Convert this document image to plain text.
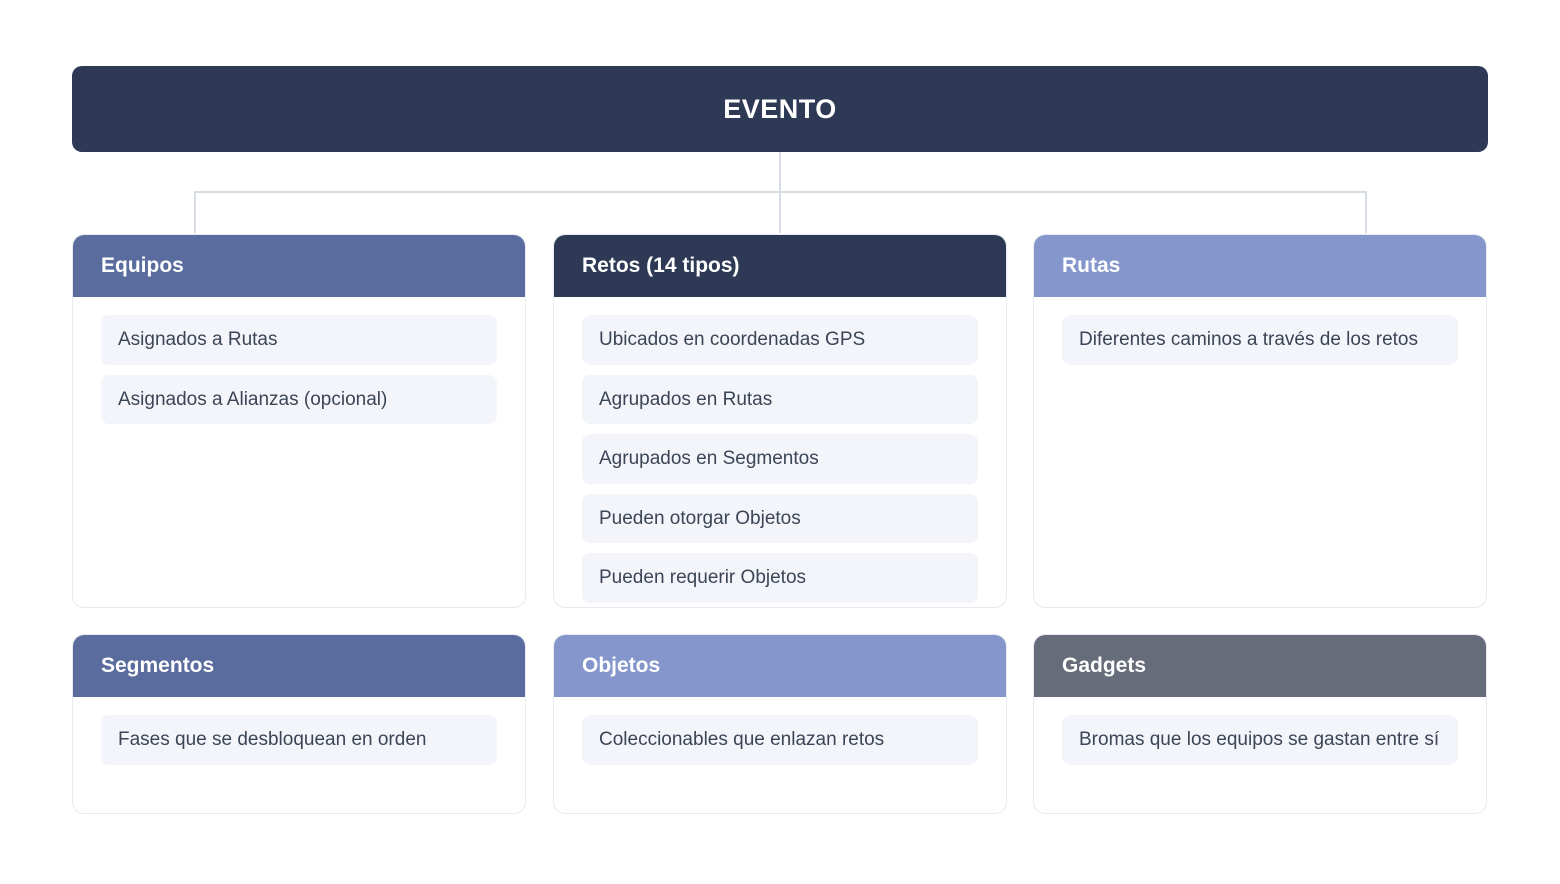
EVENTO
Equipos
Asignados a Rutas
Asignados a Alianzas (opcional)
Retos (14 tipos)
Ubicados en coordenadas GPS
Agrupados en Rutas
Agrupados en Segmentos
Pueden otorgar Objetos
Pueden requerir Objetos
Rutas
Diferentes caminos a través de los retos
Segmentos
Fases que se desbloquean en orden
Objetos
Coleccionables que enlazan retos
Gadgets
Bromas que los equipos se gastan entre sí
